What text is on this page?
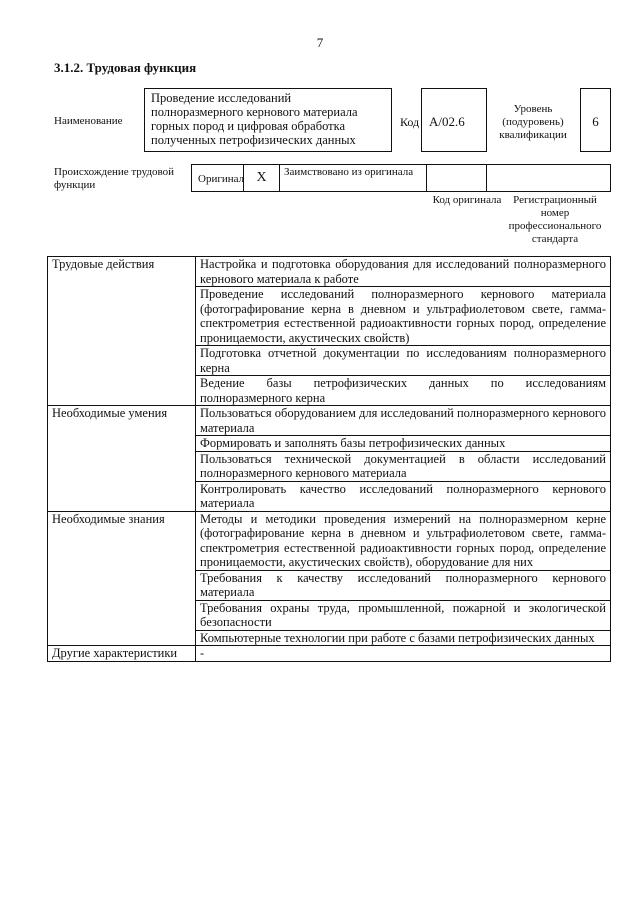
7
3.1.2. Трудовая функция
Наименование
Проведение исследований полноразмерного кернового материала горных пород и цифровая обработка полученных петрофизических данных
Код A/02.6
Уровень (подуровень) квалификации
6
Происхождение трудовой функции	Оригинал X	Заимствовано из оригинала
Код оригинала	Регистрационный номер профессионального стандарта
Трудовые действия	Настройка и подготовка оборудования для исследований полноразмерного кернового материала к работе
	Проведение исследований полноразмерного кернового материала (фотографирование керна в дневном и ультрафиолетовом свете, гамма-спектрометрия естественной радиоактивности горных пород, определение проницаемости, акустических свойств)
	Подготовка отчетной документации по исследованиям полноразмерного керна
	Ведение базы петрофизических данных по исследованиям полноразмерного керна
Необходимые умения	Пользоваться оборудованием для исследований полноразмерного кернового материала
	Формировать и заполнять базы петрофизических данных
	Пользоваться технической документацией в области исследований полноразмерного кернового материала
	Контролировать качество исследований полноразмерного кернового материала
Необходимые знания	Методы и методики проведения измерений на полноразмерном керне (фотографирование керна в дневном и ультрафиолетовом свете, гамма-спектрометрия естественной радиоактивности горных пород, определение проницаемости, акустических свойств), оборудование для них
	Требования к качеству исследований полноразмерного кернового материала
	Требования охраны труда, промышленной, пожарной и экологической безопасности
	Компьютерные технологии при работе с базами петрофизических данных
Другие характеристики	-
